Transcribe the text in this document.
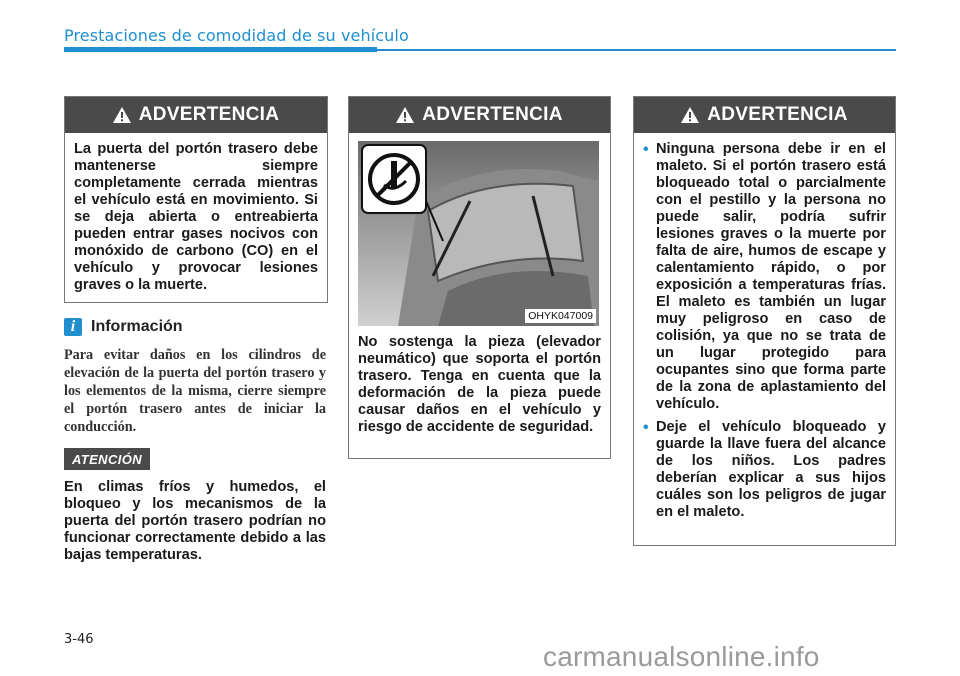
Prestaciones de comodidad de su vehículo
ADVERTENCIA
La puerta del portón trasero debe mantenerse siempre completamente cerrada mientras el vehículo está en movimiento. Si se deja abierta o entreabierta pueden entrar gases nocivos con monóxido de carbono (CO) en el vehículo y provocar lesiones graves o la muerte.
i Información
Para evitar daños en los cilindros de elevación de la puerta del portón trasero y los elementos de la misma, cierre siempre el portón trasero antes de iniciar la conducción.
ATENCIÓN
En climas fríos y humedos, el bloqueo y los mecanismos de la puerta del portón trasero podrían no funcionar correctamente debido a las bajas temperaturas.
ADVERTENCIA
OHYK047009
No sostenga la pieza (elevador neumático) que soporta el portón trasero. Tenga en cuenta que la deformación de la pieza puede causar daños en el vehículo y riesgo de accidente de seguridad.
ADVERTENCIA
• Ninguna persona debe ir en el maleto. Si el portón trasero está bloqueado total o parcialmente con el pestillo y la persona no puede salir, podría sufrir lesiones graves o la muerte por falta de aire, humos de escape y calentamiento rápido, o por exposición a temperaturas frías. El maleto es también un lugar muy peligroso en caso de colisión, ya que no se trata de un lugar protegido para ocupantes sino que forma parte de la zona de aplastamiento del vehículo.
• Deje el vehículo bloqueado y guarde la llave fuera del alcance de los niños. Los padres deberían explicar a sus hijos cuáles son los peligros de jugar en el maleto.
3-46
carmanualsonline.info
